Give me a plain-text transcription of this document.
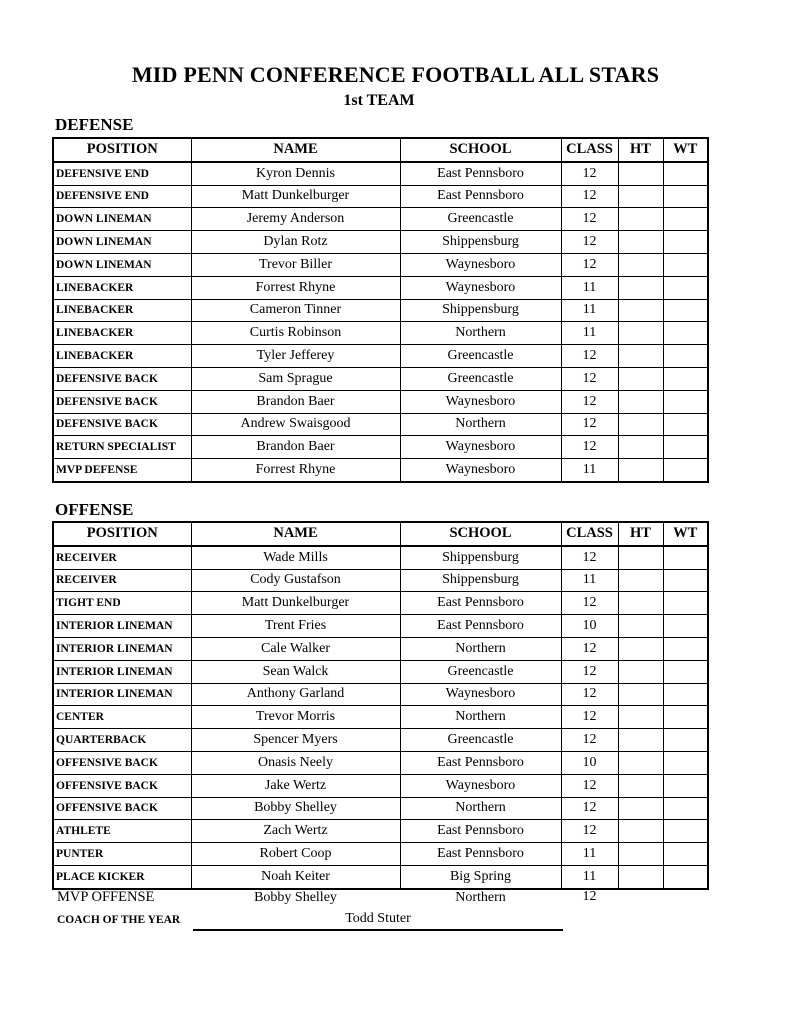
MID PENN CONFERENCE FOOTBALL ALL STARS
1st TEAM
DEFENSE
POSITION	NAME	SCHOOL	CLASS	HT	WT
DEFENSIVE END	Kyron Dennis	East Pennsboro	12		
DEFENSIVE END	Matt Dunkelburger	East Pennsboro	12		
DOWN LINEMAN	Jeremy Anderson	Greencastle	12		
DOWN LINEMAN	Dylan Rotz	Shippensburg	12		
DOWN LINEMAN	Trevor Biller	Waynesboro	12		
LINEBACKER	Forrest Rhyne	Waynesboro	11		
LINEBACKER	Cameron Tinner	Shippensburg	11		
LINEBACKER	Curtis Robinson	Northern	11		
LINEBACKER	Tyler Jefferey	Greencastle	12		
DEFENSIVE BACK	Sam Sprague	Greencastle	12		
DEFENSIVE BACK	Brandon Baer	Waynesboro	12		
DEFENSIVE BACK	Andrew Swaisgood	Northern	12		
RETURN SPECIALIST	Brandon Baer	Waynesboro	12		
MVP DEFENSE	Forrest Rhyne	Waynesboro	11		
OFFENSE
POSITION	NAME	SCHOOL	CLASS	HT	WT
RECEIVER	Wade Mills	Shippensburg	12		
RECEIVER	Cody Gustafson	Shippensburg	11		
TIGHT END	Matt Dunkelburger	East Pennsboro	12		
INTERIOR LINEMAN	Trent Fries	East Pennsboro	10		
INTERIOR LINEMAN	Cale Walker	Northern	12		
INTERIOR LINEMAN	Sean Walck	Greencastle	12		
INTERIOR LINEMAN	Anthony Garland	Waynesboro	12		
CENTER	Trevor Morris	Northern	12		
QUARTERBACK	Spencer Myers	Greencastle	12		
OFFENSIVE BACK	Onasis Neely	East Pennsboro	10		
OFFENSIVE BACK	Jake Wertz	Waynesboro	12		
OFFENSIVE BACK	Bobby Shelley	Northern	12		
ATHLETE	Zach Wertz	East Pennsboro	12		
PUNTER	Robert Coop	East Pennsboro	11		
PLACE KICKER	Noah Keiter	Big Spring	11		
MVP OFFENSE	Bobby Shelley	Northern	12
COACH OF THE YEAR	Todd Stuter
